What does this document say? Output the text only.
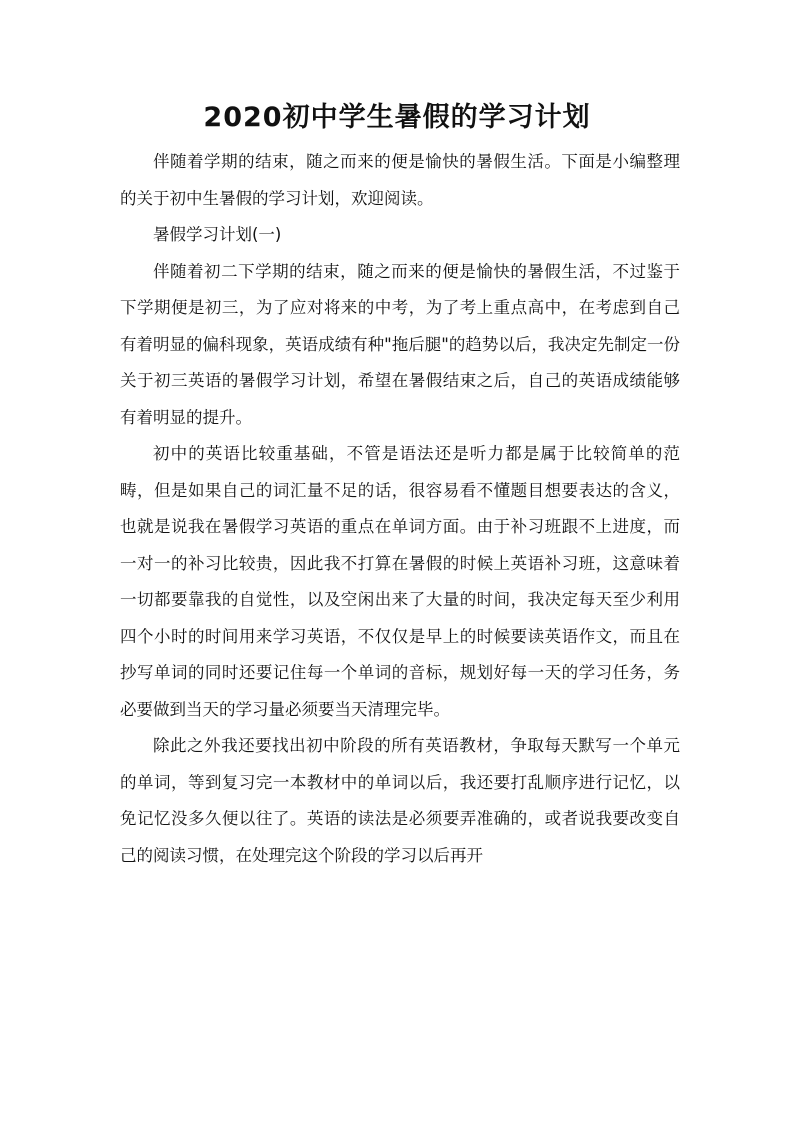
2020初中学生暑假的学习计划

伴随着学期的结束，随之而来的便是愉快的暑假生活。下面是小编整理的关于初中生暑假的学习计划，欢迎阅读。

暑假学习计划(一)

伴随着初二下学期的结束，随之而来的便是愉快的暑假生活，不过鉴于下学期便是初三，为了应对将来的中考，为了考上重点高中，在考虑到自己有着明显的偏科现象，英语成绩有种"拖后腿"的趋势以后，我决定先制定一份关于初三英语的暑假学习计划，希望在暑假结束之后，自己的英语成绩能够有着明显的提升。

初中的英语比较重基础，不管是语法还是听力都是属于比较简单的范畴，但是如果自己的词汇量不足的话，很容易看不懂题目想要表达的含义，也就是说我在暑假学习英语的重点在单词方面。由于补习班跟不上进度，而一对一的补习比较贵，因此我不打算在暑假的时候上英语补习班，这意味着一切都要靠我的自觉性，以及空闲出来了大量的时间，我决定每天至少利用四个小时的时间用来学习英语，不仅仅是早上的时候要读英语作文，而且在抄写单词的同时还要记住每一个单词的音标，规划好每一天的学习任务，务必要做到当天的学习量必须要当天清理完毕。

除此之外我还要找出初中阶段的所有英语教材，争取每天默写一个单元的单词，等到复习完一本教材中的单词以后，我还要打乱顺序进行记忆，以免记忆没多久便以往了。英语的读法是必须要弄准确的，或者说我要改变自己的阅读习惯，在处理完这个阶段的学习以后再开
